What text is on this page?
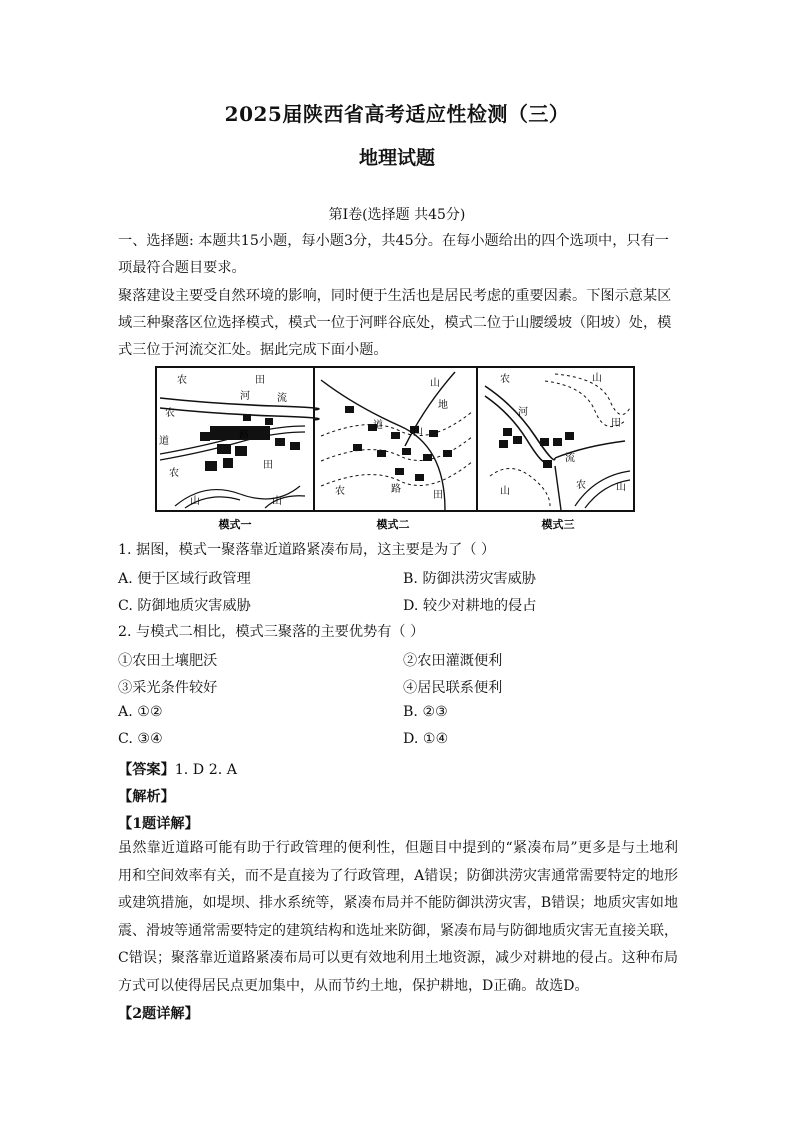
2025届陕西省高考适应性检测（三）
地理试题
第I卷(选择题 共45分)

一、选择题: 本题共15小题，每小题3分，共45分。在每小题给出的四个选项中，只有一项最符合题目要求。

聚落建设主要受自然环境的影响，同时便于生活也是居民考虑的重要因素。下图示意某区域三种聚落区位选择模式，模式一位于河畔谷底处，模式二位于山腰缓坡（阳坡）处，模式三位于河流交汇处。据此完成下面小题。

农	田
河	流
农
道
路
田
农
山	山
山
地
道
山
农	路
田
农	山
河
田
流
山
农	山
模式一	模式二	模式三
1. 据图，模式一聚落靠近道路紧凑布局，这主要是为了（ ）
A. 便于区域行政管理	B. 防御洪涝灾害威胁
C. 防御地质灾害威胁	D. 较少对耕地的侵占
2. 与模式二相比，模式三聚落的主要优势有（ ）
①农田土壤肥沃	②农田灌溉便利
③采光条件较好	④居民联系便利
A. ①②	B. ②③
C. ③④	D. ①④
【答案】1. D 2. A
【解析】
【1题详解】

虽然靠近道路可能有助于行政管理的便利性，但题目中提到的“紧凑布局”更多是与土地利用和空间效率有关，而不是直接为了行政管理，A错误；防御洪涝灾害通常需要特定的地形或建筑措施，如堤坝、排水系统等，紧凑布局并不能防御洪涝灾害，B错误；地质灾害如地震、滑坡等通常需要特定的建筑结构和选址来防御，紧凑布局与防御地质灾害无直接关联，C错误；聚落靠近道路紧凑布局可以更有效地利用土地资源，减少对耕地的侵占。这种布局方式可以使得居民点更加集中，从而节约土地，保护耕地，D正确。故选D。

【2题详解】
